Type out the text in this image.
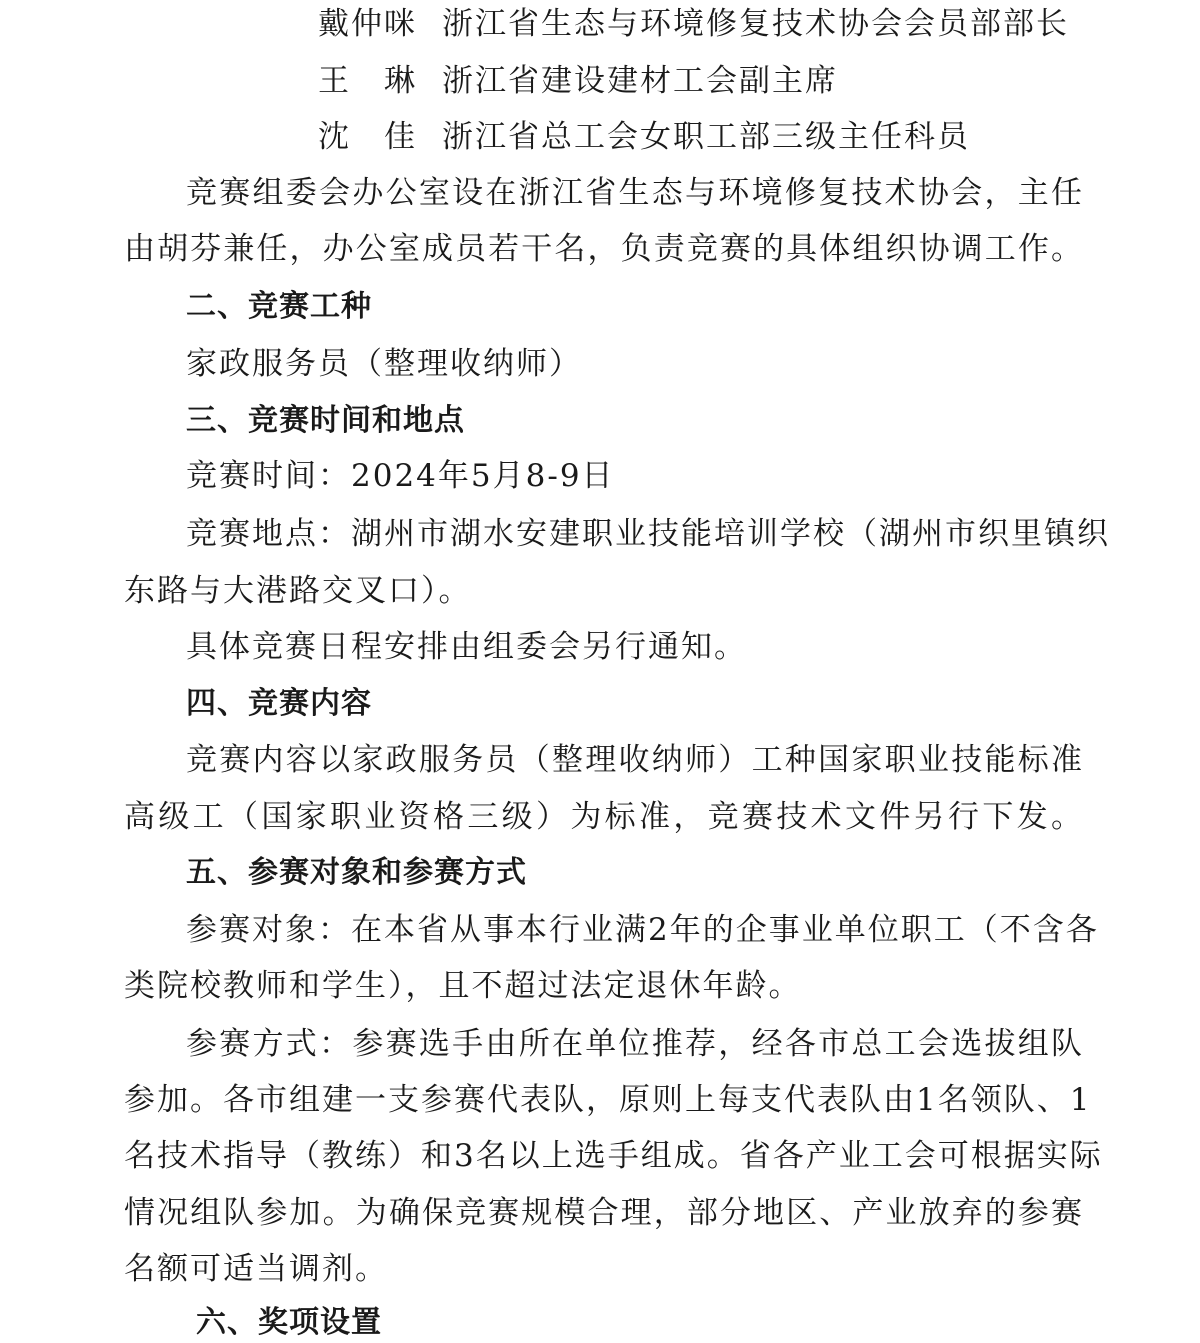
戴仲咪 浙江省生态与环境修复技术协会会员部部长
王　琳 浙江省建设建材工会副主席
沈　佳 浙江省总工会女职工部三级主任科员
竞赛组委会办公室设在浙江省生态与环境修复技术协会，主任
由胡芬兼任，办公室成员若干名，负责竞赛的具体组织协调工作。
二、竞赛工种
家政服务员（整理收纳师）
三、竞赛时间和地点
竞赛时间：2024年5月8-9日
竞赛地点：湖州市湖水安建职业技能培训学校（湖州市织里镇织
东路与大港路交叉口）。
具体竞赛日程安排由组委会另行通知。
四、竞赛内容
竞赛内容以家政服务员（整理收纳师）工种国家职业技能标准
高级工（国家职业资格三级）为标准，竞赛技术文件另行下发。
五、参赛对象和参赛方式
参赛对象：在本省从事本行业满2年的企事业单位职工（不含各
类院校教师和学生），且不超过法定退休年龄。
参赛方式：参赛选手由所在单位推荐，经各市总工会选拔组队
参加。各市组建一支参赛代表队，原则上每支代表队由1名领队、1
名技术指导（教练）和3名以上选手组成。省各产业工会可根据实际
情况组队参加。为确保竞赛规模合理，部分地区、产业放弃的参赛
名额可适当调剂。
六、奖项设置
